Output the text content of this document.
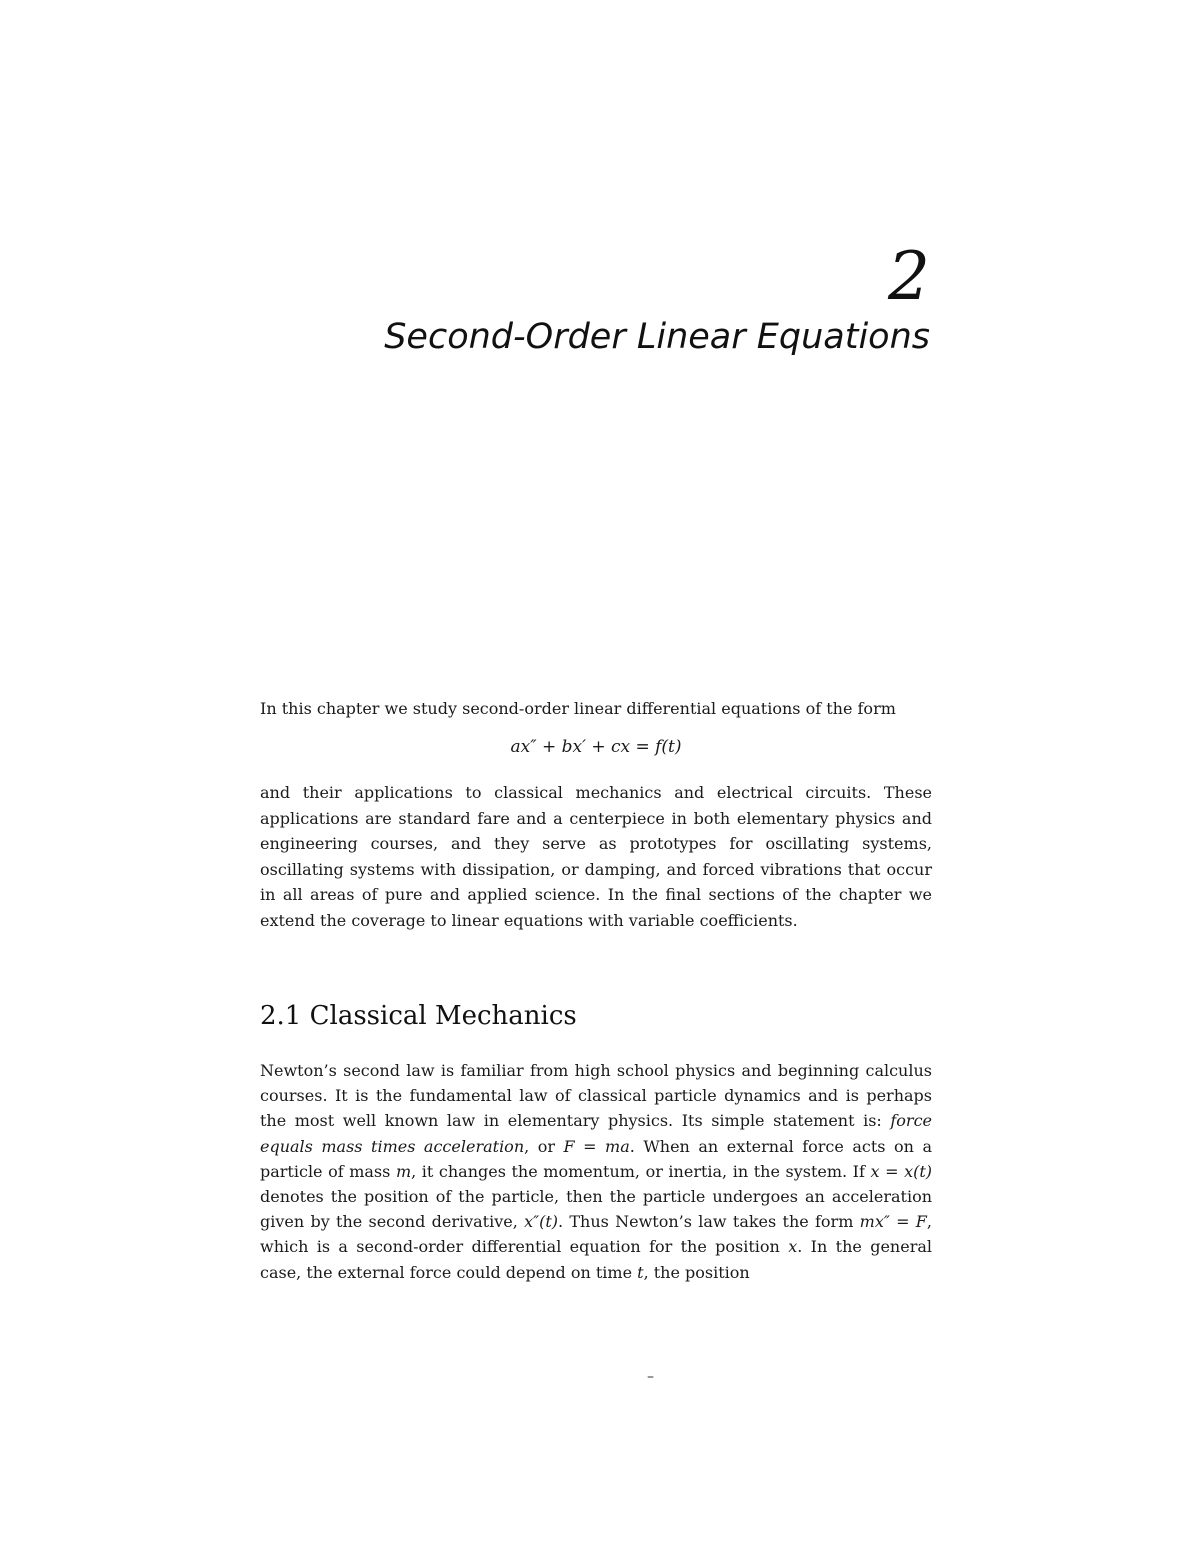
2
Second-Order Linear Equations
In this chapter we study second-order linear differential equations of the form
ax″ + bx′ + cx = f(t)
and their applications to classical mechanics and electrical circuits. These applications are standard fare and a centerpiece in both elementary physics and engineering courses, and they serve as prototypes for oscillating systems, oscillating systems with dissipation, or damping, and forced vibrations that occur in all areas of pure and applied science. In the final sections of the chapter we extend the coverage to linear equations with variable coefficients.
2.1 Classical Mechanics
Newton’s second law is familiar from high school physics and beginning calculus courses. It is the fundamental law of classical particle dynamics and is perhaps the most well known law in elementary physics. Its simple statement is: force equals mass times acceleration, or F = ma. When an external force acts on a particle of mass m, it changes the momentum, or inertia, in the system. If x = x(t) denotes the position of the particle, then the particle undergoes an acceleration given by the second derivative, x″(t). Thus Newton’s law takes the form mx″ = F, which is a second-order differential equation for the position x. In the general case, the external force could depend on time t, the position
–
